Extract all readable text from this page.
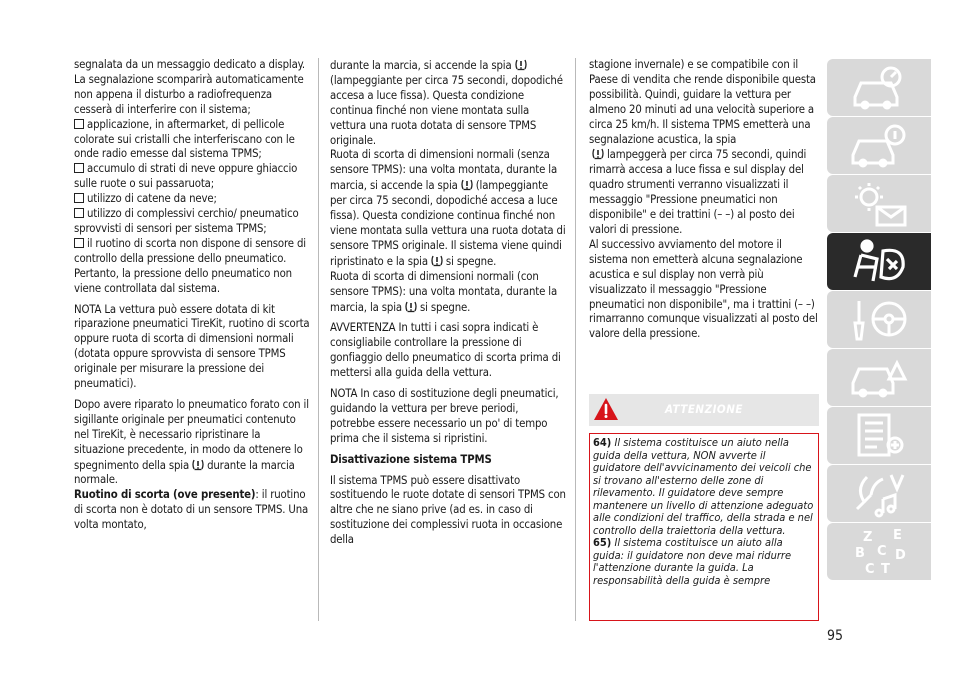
segnalata da un messaggio dedicato a display. La segnalazione scomparirà automaticamente non appena il disturbo a radiofrequenza cesserà di interferire con il sistema;

applicazione, in aftermarket, di pellicole colorate sui cristalli che interferiscano con le onde radio emesse dal sistema TPMS;

accumulo di strati di neve oppure ghiaccio sulle ruote o sui passaruota;

utilizzo di catene da neve;

utilizzo di complessivi cerchio/ pneumatico sprovvisti di sensori per sistema TPMS;

il ruotino di scorta non dispone di sensore di controllo della pressione dello pneumatico. Pertanto, la pressione dello pneumatico non viene controllata dal sistema.

NOTA La vettura può essere dotata di kit riparazione pneumatici TireKit, ruotino di scorta oppure ruota di scorta di dimensioni normali (dotata oppure sprovvista di sensore TPMS originale per misurare la pressione dei pneumatici).

Dopo avere riparato lo pneumatico forato con il sigillante originale per pneumatici contenuto nel TireKit, è necessario ripristinare la situazione precedente, in modo da ottenere lo spegnimento della spia durante la marcia normale.

Ruotino di scorta (ove presente): il ruotino di scorta non è dotato di un sensore TPMS. Una volta montato,

durante la marcia, si accende la spia(lampeggiante per circa 75 secondi, dopodiché accesa a luce fissa). Questa condizione continua finché non viene montata sulla vettura una ruota dotata di sensore TPMS originale.

Ruota di scorta di dimensioni normali (senza sensore TPMS): una volta montata, durante la marcia, si accende la spia (lampeggiante per circa 75 secondi, dopodiché accesa a luce fissa). Questa condizione continua finché non viene montata sulla vettura una ruota dotata di sensore TPMS originale. Il sistema viene quindi ripristinato e la spia si spegne.

Ruota di scorta di dimensioni normali (con sensore TPMS): una volta montata, durante la marcia, la spia si spegne.

AVVERTENZA In tutti i casi sopra indicati è consigliabile controllare la pressione di gonfiaggio dello pneumatico di scorta prima di mettersi alla guida della vettura.

NOTA In caso di sostituzione degli pneumatici, guidando la vettura per breve periodi, potrebbe essere necessario un po' di tempo prima che il sistema si ripristini.

Disattivazione sistema TPMS

Il sistema TPMS può essere disattivato sostituendo le ruote dotate di sensori TPMS con altre che ne siano prive (ad es. in caso di sostituzione dei complessivi ruota in occasione della

stagione invernale) e se compatibile con il Paese di vendita che rende disponibile questa possibilità. Quindi, guidare la vettura per almeno 20 minuti ad una velocità superiore a circa 25 km/h. Il sistema TPMS emetterà una segnalazione acustica, la spia
lampeggerà per circa 75 secondi, quindi rimarrà accesa a luce fissa e sul display del quadro strumenti verranno visualizzati il messaggio "Pressione pneumatici non disponibile" e dei trattini (– –) al posto dei valori di pressione.

Al successivo avviamento del motore il sistema non emetterà alcuna segnalazione acustica e sul display non verrà più visualizzato il messaggio "Pressione pneumatici non disponibile", ma i trattini (– –) rimarranno comunque visualizzati al posto del valore della pressione.

ATTENZIONE
64) Il sistema costituisce un aiuto nella guida della vettura, NON avverte il guidatore dell'avvicinamento dei veicoli che si trovano all'esterno delle zone di rilevamento. Il guidatore deve sempre mantenere un livello di attenzione adeguato alle condizioni del traffico, della strada e nel controllo della traiettoria della vettura.
65) Il sistema costituisce un aiuto alla guida: il guidatore non deve mai ridurre l'attenzione durante la guida. La responsabilità della guida è sempre
Z E
B C D
C T
95
